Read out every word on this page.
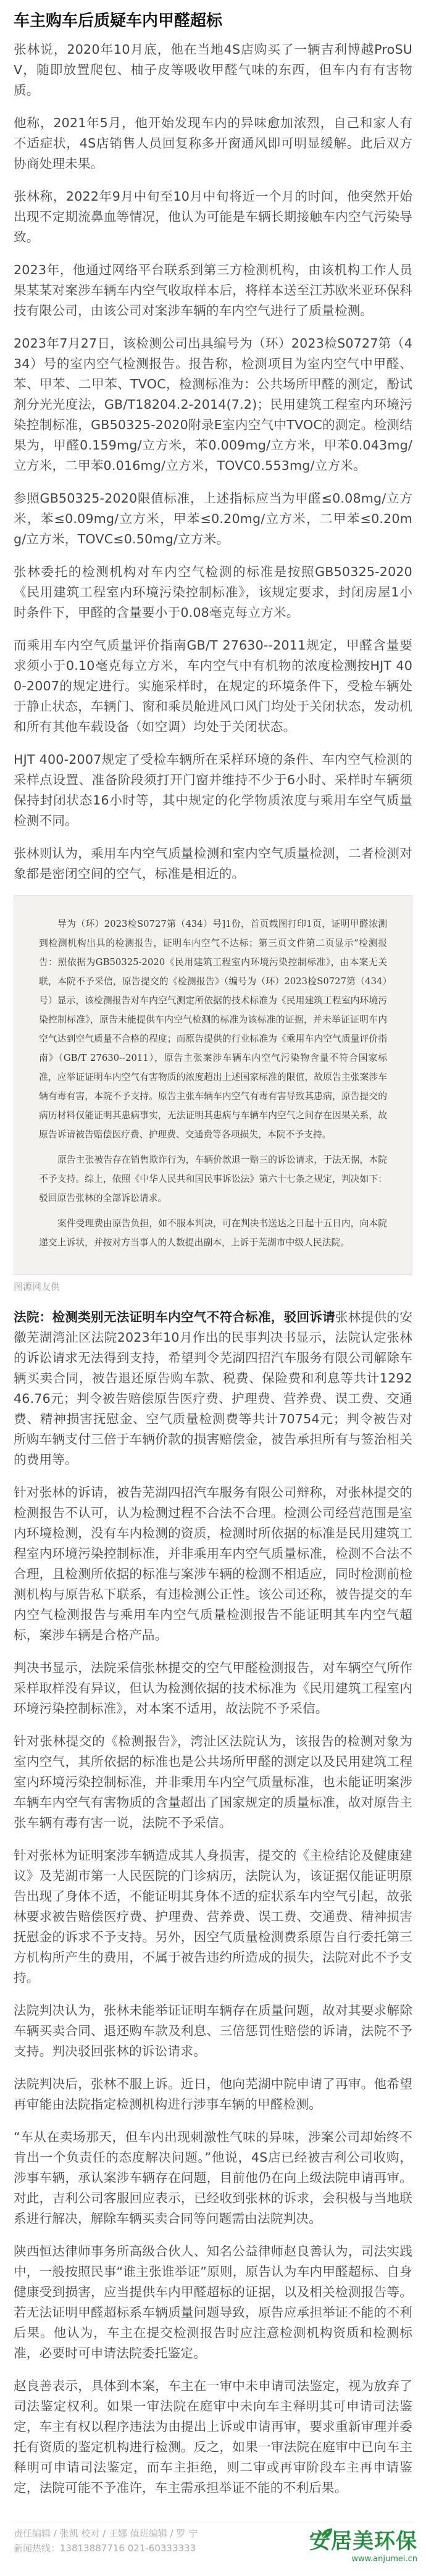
车主购车后质疑车内甲醛超标

张林说，2020年10月底，他在当地4S店购买了一辆吉利博越ProSUV，随即放置爬包、柚子皮等吸收甲醛气味的东西，但车内有有害物质。

他称，2021年5月，他开始发现车内的异味愈加浓烈，自己和家人有不适症状，4S店销售人员回复称多开窗通风即可明显缓解。此后双方协商处理未果。

张林称，2022年9月中旬至10月中旬将近一个月的时间，他突然开始出现不定期流鼻血等情况，他认为可能是车辆长期接触车内空气污染导致。

2023年，他通过网络平台联系到第三方检测机构，由该机构工作人员果某某对案涉车辆车内空气收取样本后，将样本送至江苏欧米亚环保科技有限公司，由该公司对案涉车辆的车内空气进行了质量检测。

2023年7月27日，该检测公司出具编号为（环）2023检S0727第（434）号的室内空气检测报告。报告称，检测项目为室内空气中甲醛、苯、甲苯、二甲苯、TVOC，检测标准为：公共场所甲醛的测定，酚试剂分光光度法，GB/T18204.2-2014(7.2)；民用建筑工程室内环境污染控制标准，GB50325-2020附录E室内空气中TVOC的测定。检测结果为，甲醛0.159mg/立方米，苯0.009mg/立方米，甲苯0.043mg/立方米，二甲苯0.016mg/立方米，TOVC0.553mg/立方米。

参照GB50325-2020限值标准，上述指标应当为甲醛≤0.08mg/立方米，苯≤0.09mg/立方米，甲苯≤0.20mg/立方米，二甲苯≤0.20mg/立方米，TOVC≤0.50mg/立方米。

张林委托的检测机构对车内空气检测的标准是按照GB50325-2020《民用建筑工程室内环境污染控制标准》，该规定要求，封闭房屋1小时条件下，甲醛的含量要小于0.08毫克每立方米。

而乘用车内空气质量评价指南GB/T 27630--2011规定，甲醛含量要求须小于0.10毫克每立方米，车内空气中有机物的浓度检测按HJT 400-2007的规定进行。实施采样时，在规定的环境条件下，受检车辆处于静止状态，车辆门、窗和乘员舱进风口风门均处于关闭状态，发动机和所有其他车载设备（如空调）均处于关闭状态。

HJT 400-2007规定了受检车辆所在采样环境的条件、车内空气检测的采样点设置、准备阶段须打开门窗并维持不少于6小时、采样时车辆须保持封闭状态16小时等，其中规定的化学物质浓度与乘用车空气质量检测不同。

张林则认为，乘用车内空气质量检测和室内空气质量检测，二者检测对象都是密闭空间的空气，标准是相近的。

导为（环）2023检S0727第（434）号]1份，首页载图打印1页，证明甲醛浓测到检测机构出具的检测报告，证明车内空气不达标；第三页文件第二页显示“检测报告：照依据为GB50325-2020《民用建筑工程室内环境污染控制标准》，由本案无关联，本院不予采信，原告提交的《检测报告》（编号为（环）2023检S0727第（434）号）显示，该检测报告对车内空气测定所依据的技术标准为《民用建筑工程室内环境污染控制标准》，原告未能提供车内空气检测的标准为该标准的证据，并未举证证明车内空气达到空气质量不合格的程度；而原告提供的行业标准为《乘用车内空气质量评价指南》（GB/T 27630--2011），原告主张案涉车辆车内空气污染物含量不符合国家标准，应举证证明车内空气有害物质的浓度超出上述国家标准的限值，故原告主张案涉车辆有毒有害，本院不予支持。原告主张车辆车内空气有毒有害导致其患病，原告提交的病历材料仅能证明其患病事实，无法证明其患病与车辆车内空气之间存在因果关系，故原告诉请被告赔偿医疗费、护理费、交通费等各项损失，本院不予支持。

原告主张被告存在销售欺诈行为，车辆价款退一赔三的诉讼请求，于法无据，本院不予支持。综上，依照《中华人民共和国民事诉讼法》第六十七条之规定，判决如下：驳回原告张林的全部诉讼请求。

案件受理费由原告负担，如不服本判决，可在判决书送达之日起十五日内，向本院递交上诉状，并按对方当事人的人数提出副本，上诉于芜湖市中级人民法院。

图源网友供

法院：检测类别无法证明车内空气不符合标准，驳回诉请张林提供的安徽芜湖湾沚区法院2023年10月作出的民事判决书显示，法院认定张林的诉讼请求无法得到支持，希望判令芜湖四招汽车服务有限公司解除车辆买卖合同，被告退还原告购车款、税费、保险费和利息等共计129246.76元；判令被告赔偿原告医疗费、护理费、营养费、误工费、交通费、精神损害抚慰金、空气质量检测费等共计70754元；判令被告对所购车辆支付三倍于车辆价款的损害赔偿金，被告承担所有与签治相关的费用等。

针对张林的诉请，被告芜湖四招汽车服务有限公司辩称，对张林提交的检测报告不认可，认为检测过程不合法不合理。检测公司经营范围是室内环境检测，没有车内检测的资质，检测时所依据的标准是民用建筑工程室内环境污染控制标准，并非乘用车内空气质量标准，检测不合法不合理，且检测所依据的标准与案涉车辆的检测不相适应，同时检测前检测机构与原告私下联系，有违检测公正性。该公司还称，被告提交的车内空气检测报告与乘用车内空气质量检测报告不能证明其车内空气超标，案涉车辆是合格产品。

判决书显示，法院采信张林提交的空气甲醛检测报告，对车辆空气所作采样取样没有异议，但认为检测依据的技术标准为《民用建筑工程室内环境污染控制标准》，对本案不适用，故法院不予采信。

针对张林提交的《检测报告》，湾沚区法院认为，该报告的检测对象为室内空气，其所依据的标准也是公共场所甲醛的测定以及民用建筑工程室内环境污染控制标准，并非乘用车内空气质量标准，也未能证明案涉车辆车内空气有害物质的含量超出了国家规定的质量标准，故对原告主张车辆有毒有害一说，法院不予采信。

针对张林为证明案涉车辆造成其人身损害，提交的《主检结论及健康建议》及芜湖市第一人民医院的门诊病历，法院认为，该证据仅能证明原告出现了身体不适，不能证明其身体不适的症状系车内空气引起，故张林要求被告赔偿医疗费、护理费、营养费、误工费、交通费、精神损害抚慰金的诉求不予支持。另外，因空气质量检测费系原告自行委托第三方机构所产生的费用，不属于被告违约所造成的损失，法院对此不予支持。

法院判决认为，张林未能举证证明车辆存在质量问题，故对其要求解除车辆买卖合同、退还购车款及利息、三倍惩罚性赔偿的诉请，法院不予支持。判决驳回张林的诉讼请求。

法院判决后，张林不服上诉。近日，他向芜湖中院申请了再审。他希望再审能由法院指定检测机构进行涉事车辆的甲醛检测。

“车从在卖场那天，但车内出现刺激性气味的异味，涉案公司却始终不肯出一个负责任的态度解决问题。”他说，4S店已经被吉利公司收购，涉事车辆，承认案涉车辆存在问题，目前他仍在向上级法院申请再审。对此，吉利公司客服回应表示，已经收到张林的诉求，会积极与当地联系进行解决，解除车辆买卖合同等问题需由法院判决。

陕西恒达律师事务所高级合伙人、知名公益律师赵良善认为，司法实践中，一般按照民事“谁主张谁举证”原则，原告认为车内甲醛超标、自身健康受到损害，应当提供车内甲醛超标的证据，以及相关检测报告等。若无法证明甲醛超标系车辆质量问题导致，原告应承担举证不能的不利后果。他认为，车主在提交检测报告时应注意检测机构资质和检测标准，必要时可申请法院委托鉴定。

赵良善表示，具体到本案，车主在一审中未申请司法鉴定，视为放弃了司法鉴定权利。如果一审法院在庭审中未向车主释明其可申请司法鉴定，车主有权以程序违法为由提出上诉或申请再审，要求重新审理并委托有资质的鉴定机构进行检测。反之，如果一审法院在庭审中已向车主释明可申请司法鉴定，而车主拒绝，则二审或再审阶段车主再申请鉴定，法院可能不予准许，车主需承担举证不能的不利后果。

责任编辑 / 张凯 校对 / 王娜 值班编辑 / 罗 宁
新闻热线：13813887716 021-60333333	安居美环保
www.anjumei.cn
